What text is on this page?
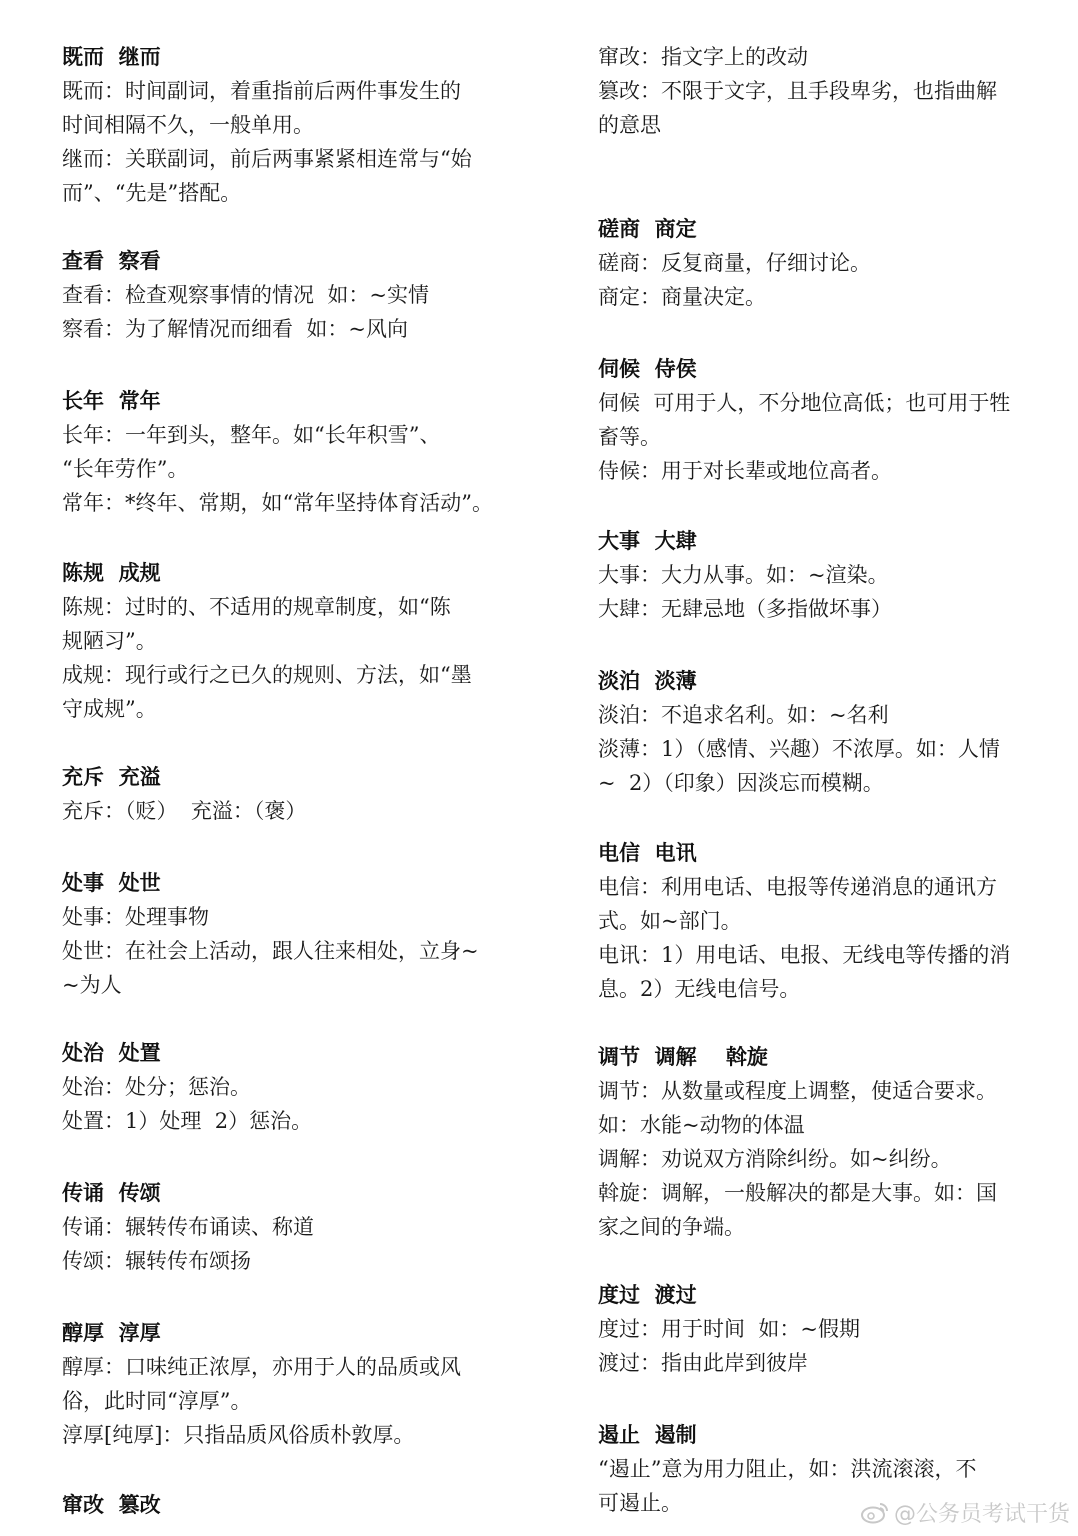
既而  继而
既而：时间副词，着重指前后两件事发生的
时间相隔不久，一般单用。
继而：关联副词，前后两事紧紧相连常与“始
而”、“先是”搭配。
查看  察看
查看：检查观察事情的情况  如：~实情
察看：为了解情况而细看  如：~风向
长年  常年
长年：一年到头，整年。如“长年积雪”、
“长年劳作”。
常年：*终年、常期，如“常年坚持体育活动”。
陈规  成规
陈规：过时的、不适用的规章制度，如“陈
规陋习”。
成规：现行或行之已久的规则、方法，如“墨
守成规”。
充斥  充溢
充斥：（贬）  充溢：（褒）
处事  处世
处事：处理事物
处世：在社会上活动，跟人往来相处，立身~
~为人
处治  处置
处治：处分；惩治。
处置：1）处理  2）惩治。
传诵  传颂
传诵：辗转传布诵读、称道
传颂：辗转传布颂扬
醇厚  淳厚
醇厚：口味纯正浓厚，亦用于人的品质或风
俗，此时同“淳厚”。
淳厚[纯厚]：只指品质风俗质朴敦厚。
窜改  篡改
窜改：指文字上的改动
篡改：不限于文字，且手段卑劣，也指曲解
的意思
磋商  商定
磋商：反复商量，仔细讨论。
商定：商量决定。
伺候  侍侯
伺候  可用于人，不分地位高低；也可用于牲
畜等。
侍候：用于对长辈或地位高者。
大事  大肆
大事：大力从事。如：~渲染。
大肆：无肆忌地（多指做坏事）
淡泊  淡薄
淡泊：不追求名利。如：~名利
淡薄：1）（感情、兴趣）不浓厚。如：人情
~  2）（印象）因淡忘而模糊。
电信  电讯
电信：利用电话、电报等传递消息的通讯方
式。如~部门。
电讯：1）用电话、电报、无线电等传播的消
息。2）无线电信号。
调节  调解    斡旋
调节：从数量或程度上调整，使适合要求。
如：水能~动物的体温
调解：劝说双方消除纠纷。如~纠纷。
斡旋：调解，一般解决的都是大事。如：国
家之间的争端。
度过  渡过
度过：用于时间  如：~假期
渡过：指由此岸到彼岸
遏止  遏制
“遏止”意为用力阻止，如：洪流滚滚，不
可遏止。	@公务员考试干货
